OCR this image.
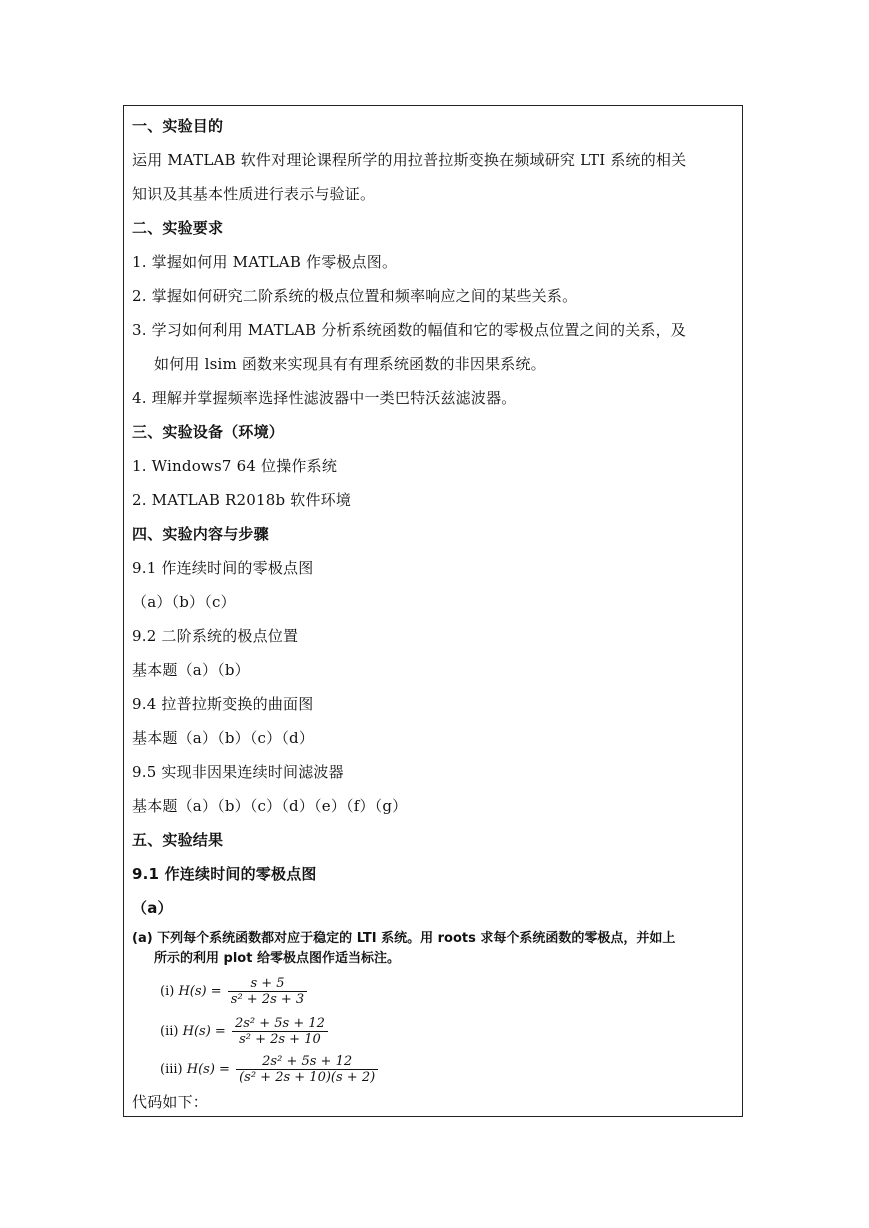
一、实验目的
运用 MATLAB 软件对理论课程所学的用拉普拉斯变换在频域研究 LTI 系统的相关
知识及其基本性质进行表示与验证。
二、实验要求
1. 掌握如何用 MATLAB 作零极点图。
2. 掌握如何研究二阶系统的极点位置和频率响应之间的某些关系。
3. 学习如何利用 MATLAB 分析系统函数的幅值和它的零极点位置之间的关系，及
如何用 lsim 函数来实现具有有理系统函数的非因果系统。
4. 理解并掌握频率选择性滤波器中一类巴特沃兹滤波器。
三、实验设备（环境）
1. Windows7 64 位操作系统
2. MATLAB R2018b 软件环境
四、实验内容与步骤
9.1 作连续时间的零极点图
（a）（b）（c）
9.2 二阶系统的极点位置
基本题（a）（b）
9.4 拉普拉斯变换的曲面图
基本题（a）（b）（c）（d）
9.5 实现非因果连续时间滤波器
基本题（a）（b）（c）（d）（e）（f）（g）
五、实验结果
9.1 作连续时间的零极点图
（a）
(a) 下列每个系统函数都对应于稳定的 LTI 系统。用 roots 求每个系统函数的零极点，并如上
所示的利用 plot 给零极点图作适当标注。
(i) $H(s) = \frac{s + 5}{\text{s² + 2s + 3}}$
(ii) $H(s) = \frac{\text{2s² + 5s + 12}}{\text{s² + 2s + 10}}$
(iii) $H(s) = \frac{\text{2s² + 5s + 12}}{\text{(s² + 2s + 10)(s + 2)}}$
代码如下：
